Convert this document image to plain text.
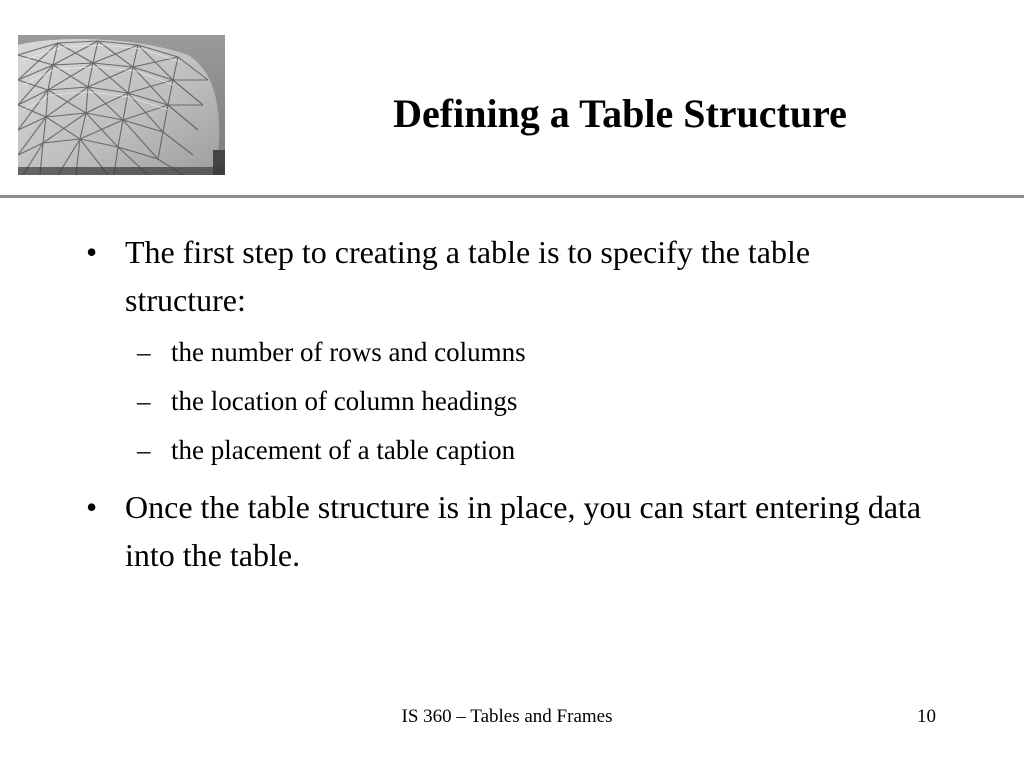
Defining a Table Structure
• The first step to creating a table is to specify the table structure:
– the number of rows and columns
– the location of column headings
– the placement of a table caption
• Once the table structure is in place, you can start entering data into the table.
IS 360 – Tables and Frames	10
